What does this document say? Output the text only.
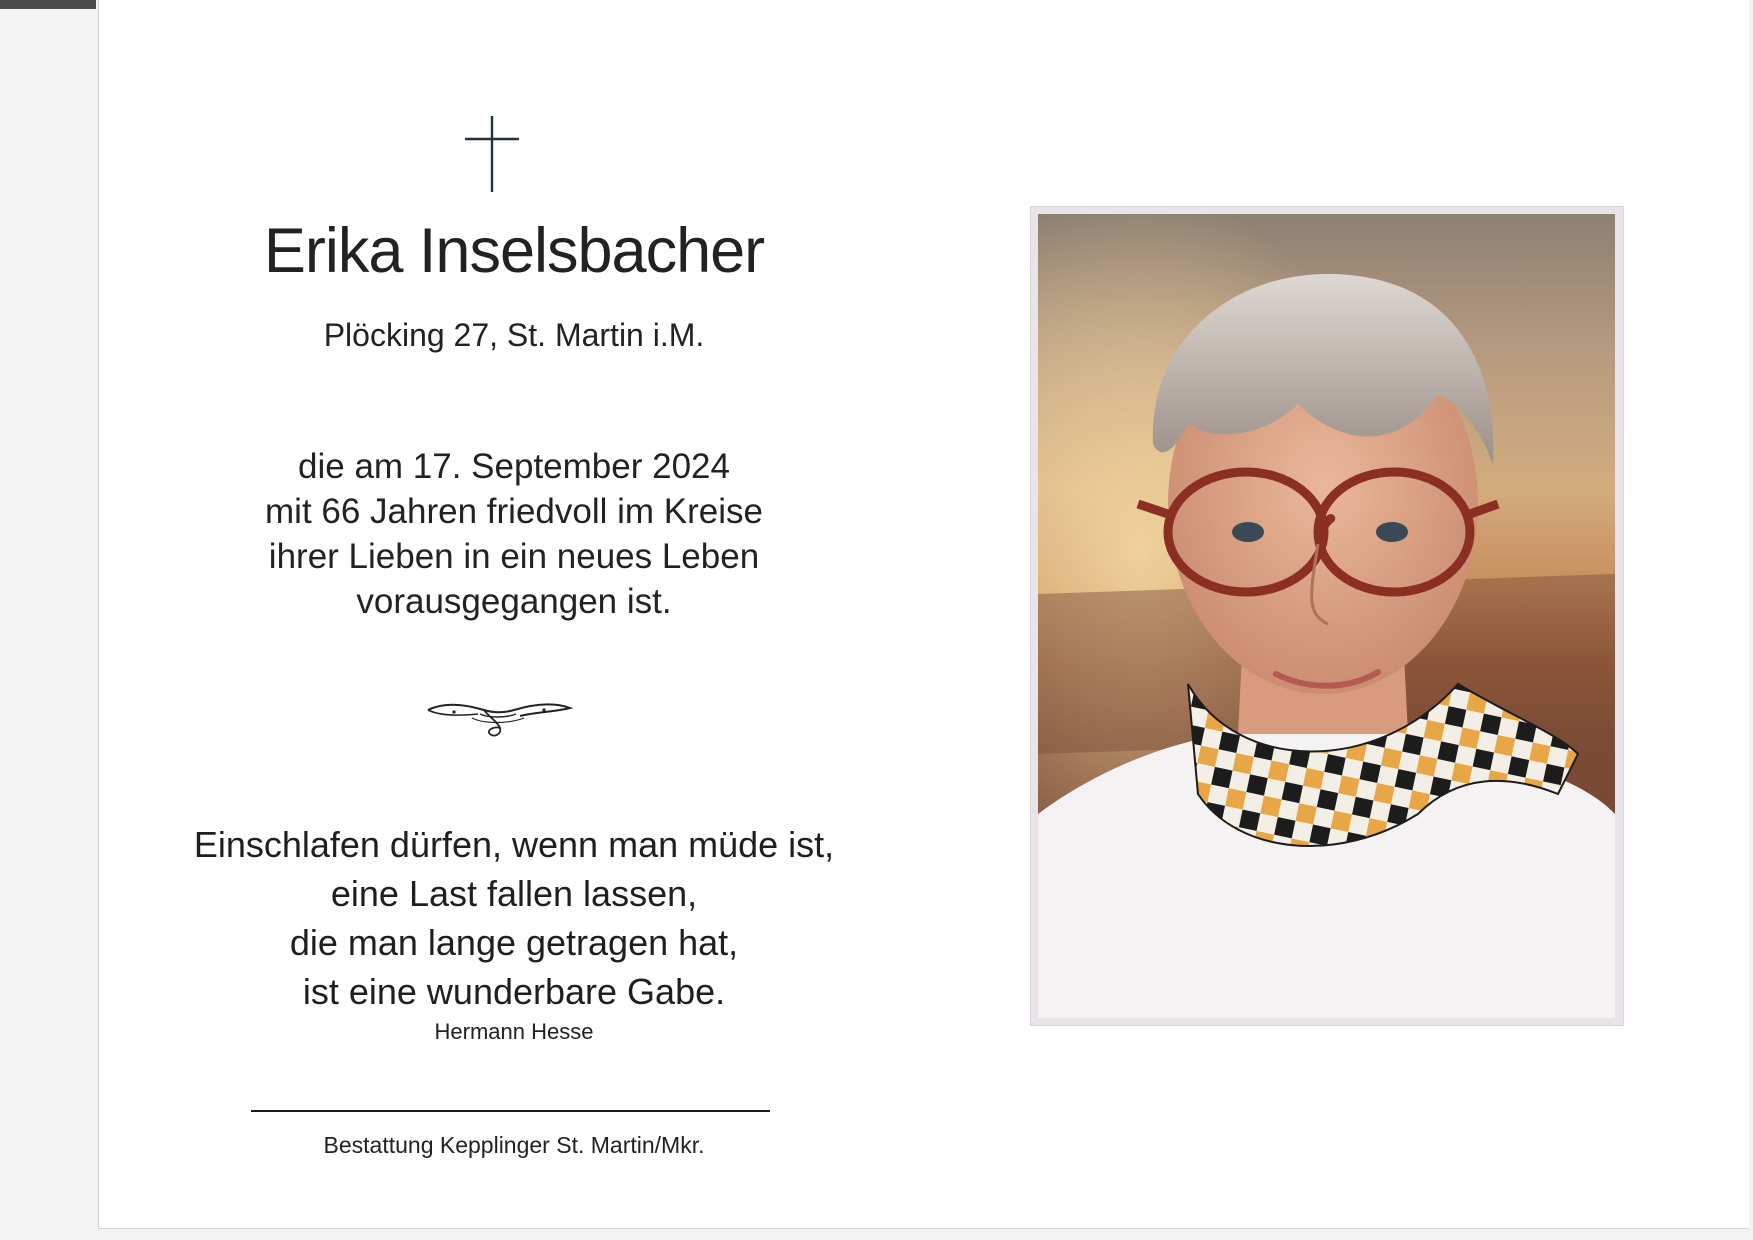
Erika Inselsbacher
Plöcking 27, St. Martin i.M.
die am 17. September 2024
mit 66 Jahren friedvoll im Kreise
ihrer Lieben in ein neues Leben
vorausgegangen ist.
Einschlafen dürfen, wenn man müde ist,
eine Last fallen lassen,
die man lange getragen hat,
ist eine wunderbare Gabe.
Hermann Hesse
Bestattung Kepplinger St. Martin/Mkr.
